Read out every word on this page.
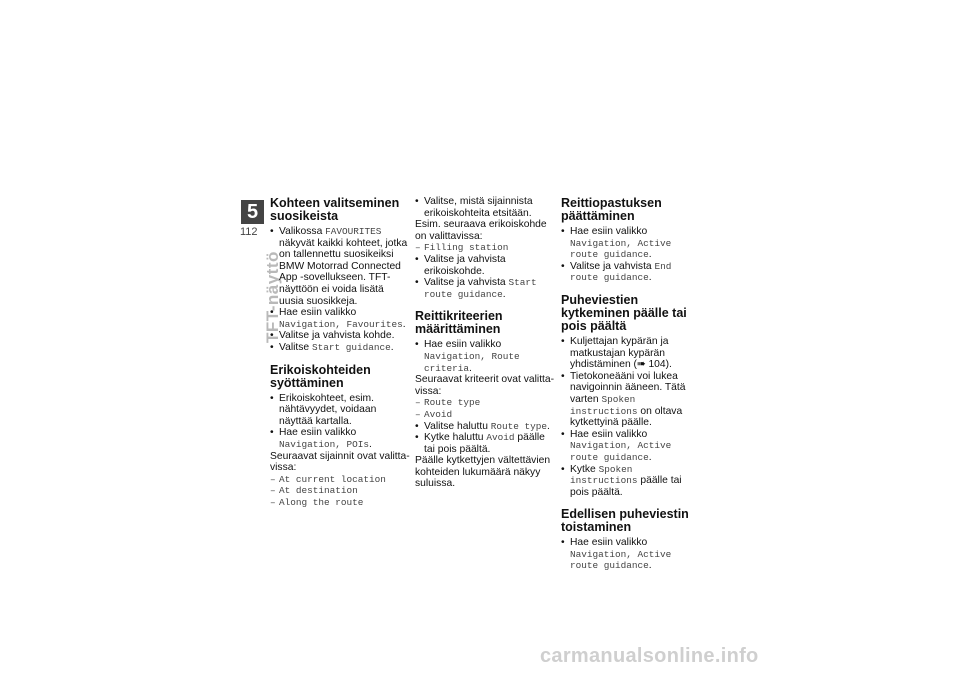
5
112
TFT-näyttö
Kohteen valitseminen suosikeista
• Valikossa FAVOURITES näkyvät kaikki kohteet, jotka on tallennettu suosikeiksi BMW Motorrad Connected App -sovellukseen. TFT-näyttöön ei voida lisätä uusia suosikkeja.
• Hae esiin valikko Navigation, Favourites.
• Valitse ja vahvista kohde.
• Valitse Start guidance.
Erikoiskohteiden syöttäminen
• Erikoiskohteet, esim. nähtävyydet, voidaan näyttää kartalla.
• Hae esiin valikko Navigation, POIs.
Seuraavat sijainnit ovat valittavissa:
– At current location
– At destination
– Along the route
• Valitse, mistä sijainnista erikoiskohteita etsitään.
Esim. seuraava erikoiskohde on valittavissa:
– Filling station
• Valitse ja vahvista erikoiskohde.
• Valitse ja vahvista Start route guidance.
Reittikriteerien määrittäminen
• Hae esiin valikko Navigation, Route criteria.
Seuraavat kriteerit ovat valittavissa:
– Route type
– Avoid
• Valitse haluttu Route type.
• Kytke haluttu Avoid päälle tai pois päältä.
Päälle kytkettyjen vältettävien kohteiden lukumäärä näkyy suluissa.
Reittiopastuksen päättäminen
• Hae esiin valikko Navigation, Active route guidance.
• Valitse ja vahvista End route guidance.
Puheviestien kytkeminen päälle tai pois päältä
• Kuljettajan kypärän ja matkustajan kypärän yhdistäminen (➠ 104).
• Tietokoneääni voi lukea navigoinnin ääneen. Tätä varten Spoken instructions on oltava kytkettyinä päälle.
• Hae esiin valikko Navigation, Active route guidance.
• Kytke Spoken instructions päälle tai pois päältä.
Edellisen puheviestin toistaminen
• Hae esiin valikko Navigation, Active route guidance.
carmanualsonline.info
